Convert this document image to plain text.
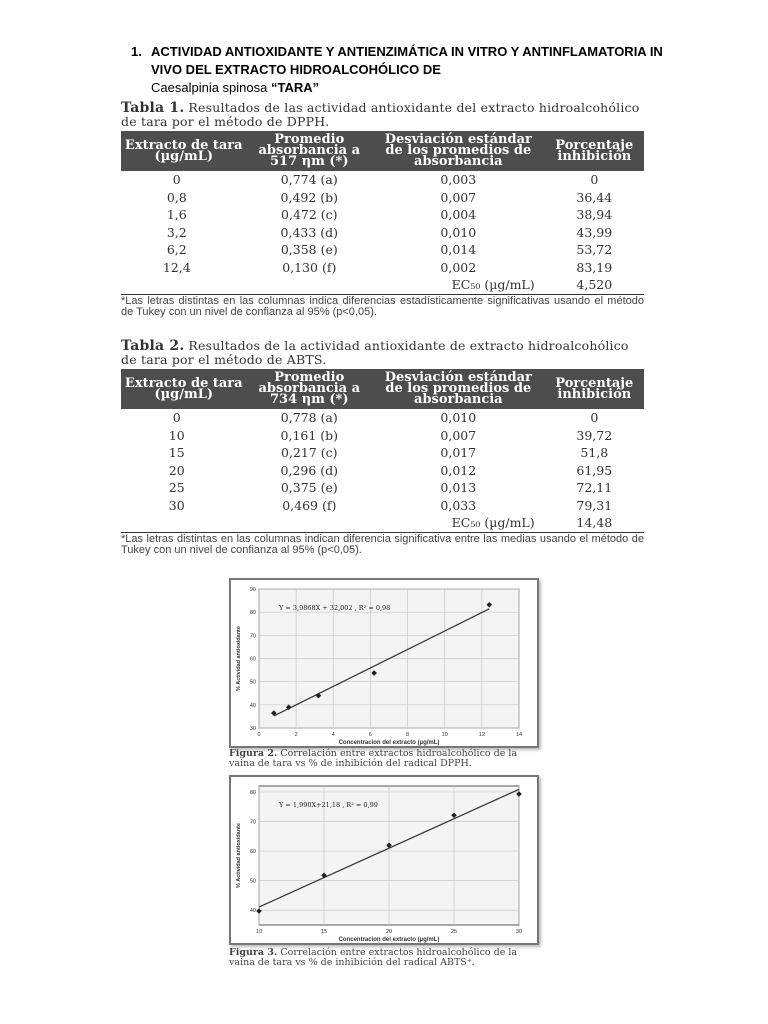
1. ACTIVIDAD ANTIOXIDANTE Y ANTIENZIMÁTICA IN VITRO Y ANTINFLAMATORIA IN VIVO DEL EXTRACTO HIDROALCOHÓLICO DE
Caesalpinia spinosa “TARA”
Tabla 1. Resultados de las actividad antioxidante del extracto hidroalcohólico de tara por el método de DPPH.
Extracto de tara (µg/mL)	Promedio absorbancia a 517 ηm (*)	Desviación estándar de los promedios de absorbancia	Porcentaje inhibición
0	0,774 (a)	0,003	0
0,8	0,492 (b)	0,007	36,44
1,6	0,472 (c)	0,004	38,94
3,2	0,433 (d)	0,010	43,99
6,2	0,358 (e)	0,014	53,72
12,4	0,130 (f)	0,002	83,19
		EC₅₀ (µg/mL)	4,520
*Las letras distintas en las columnas indica diferencias estadísticamente significativas usando el método de Tukey con un nivel de confianza al 95% (p<0,05).
Tabla 2. Resultados de la actividad antioxidante de extracto hidroalcohólico de tara por el método de ABTS.
Extracto de tara (µg/mL)	Promedio absorbancia a 734 ηm (*)	Desviación estándar de los promedios de absorbancia	Porcentaje inhibición
0	0,778 (a)	0,010	0
10	0,161 (b)	0,007	39,72
15	0,217 (c)	0,017	51,8
20	0,296 (d)	0,012	61,95
25	0,375 (e)	0,013	72,11
30	0,469 (f)	0,033	79,31
		EC₅₀ (µg/mL)	14,48
*Las letras distintas en las columnas indican diferencia significativa entre las medias usando el método de Tukey con un nivel de confianza al 95% (p<0,05).
0	2	4	6	8	10	12	14
30
40
50
60
70
80
90
Y = 3,9868X + 32,002 , R² = 0,98
Concentracion del extracto (µg/mL)
% Actividad antioxidante
Figura 2. Correlación entre extractos hidroalcohólico de la vaina de tara vs % de inhibición del radical DPPH.
10	15	20	25	30
40
50
60
70
80
Y = 1,990X+21,18 , R² = 0,99
Concentracion del extracto (µg/mL)
% Actividad antioxidante
Figura 3. Correlación entre extractos hidroalcohólico de la vaina de tara vs % de inhibición del radical ABTS⁺.
